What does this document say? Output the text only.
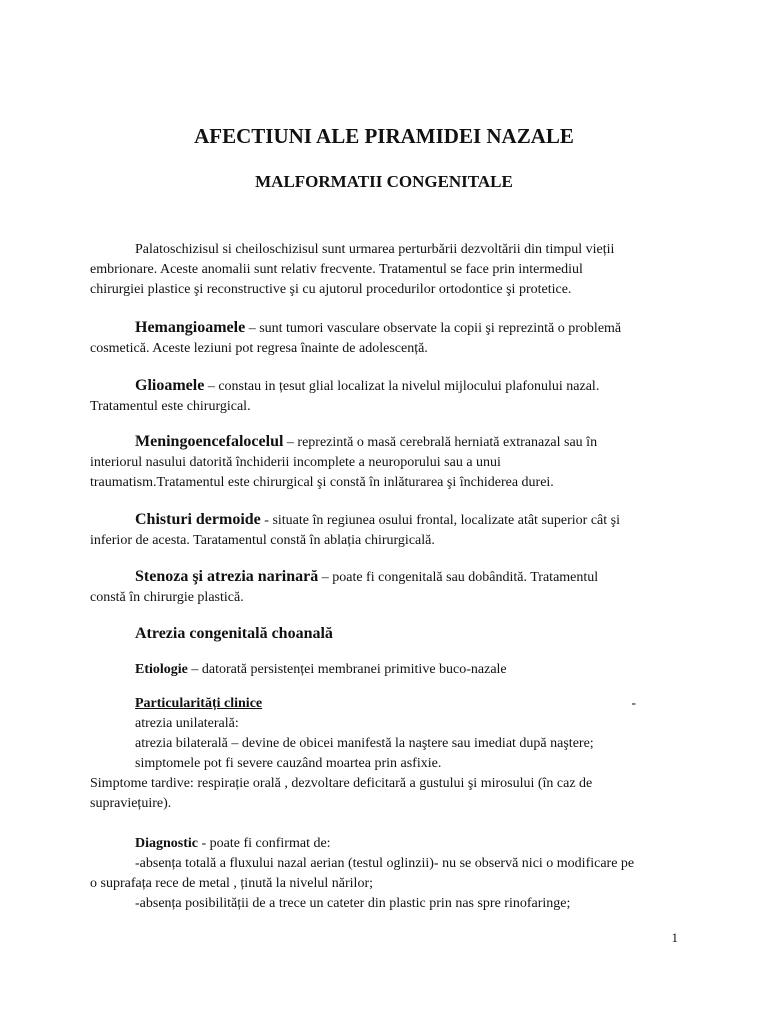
AFECTIUNI ALE PIRAMIDEI NAZALE
MALFORMATII CONGENITALE
Palatoschizisul si cheiloschizisul sunt urmarea perturbării dezvoltării din timpul vieții
embrionare. Aceste anomalii sunt relativ frecvente. Tratamentul se face prin intermediul
chirurgiei plastice şi reconstructive şi cu ajutorul procedurilor ortodontice şi protetice.
Hemangioamele – sunt tumori vasculare observate la copii şi reprezintă o problemă
cosmetică. Aceste leziuni pot regresa înainte de adolescență.
Glioamele – constau in țesut glial localizat la nivelul mijlocului plafonului nazal.
Tratamentul este chirurgical.
Meningoencefalocelul – reprezintă o masă cerebrală herniată extranazal sau în
interiorul nasului datorită închiderii incomplete a neuroporului sau a unui
traumatism.Tratamentul este chirurgical şi constă în inlăturarea şi închiderea durei.
Chisturi dermoide - situate în regiunea osului frontal, localizate atât superior cât şi
inferior de acesta. Taratamentul constă în ablația chirurgicală.
Stenoza şi atrezia narinară – poate fi congenitală sau dobândită. Tratamentul
constă în chirurgie plastică.
Atrezia congenitală choanală
Etiologie – datorată persistenței membranei primitive buco-nazale
Particularități clinice
atrezia unilaterală:
atrezia bilaterală – devine de obicei manifestă la naştere sau imediat după naştere;
simptomele pot fi severe cauzând moartea prin asfixie.
Simptome tardive: respirație orală , dezvoltare deficitară a gustului şi mirosului (în caz de
supraviețuire).
-
Diagnostic - poate fi confirmat de:
-absența totală a fluxului nazal aerian (testul oglinzii)- nu se observă nici o modificare pe
o suprafața rece de metal , ținută la nivelul nărilor;
-absența posibilității de a trece un cateter din plastic prin nas spre rinofaringe;
1
